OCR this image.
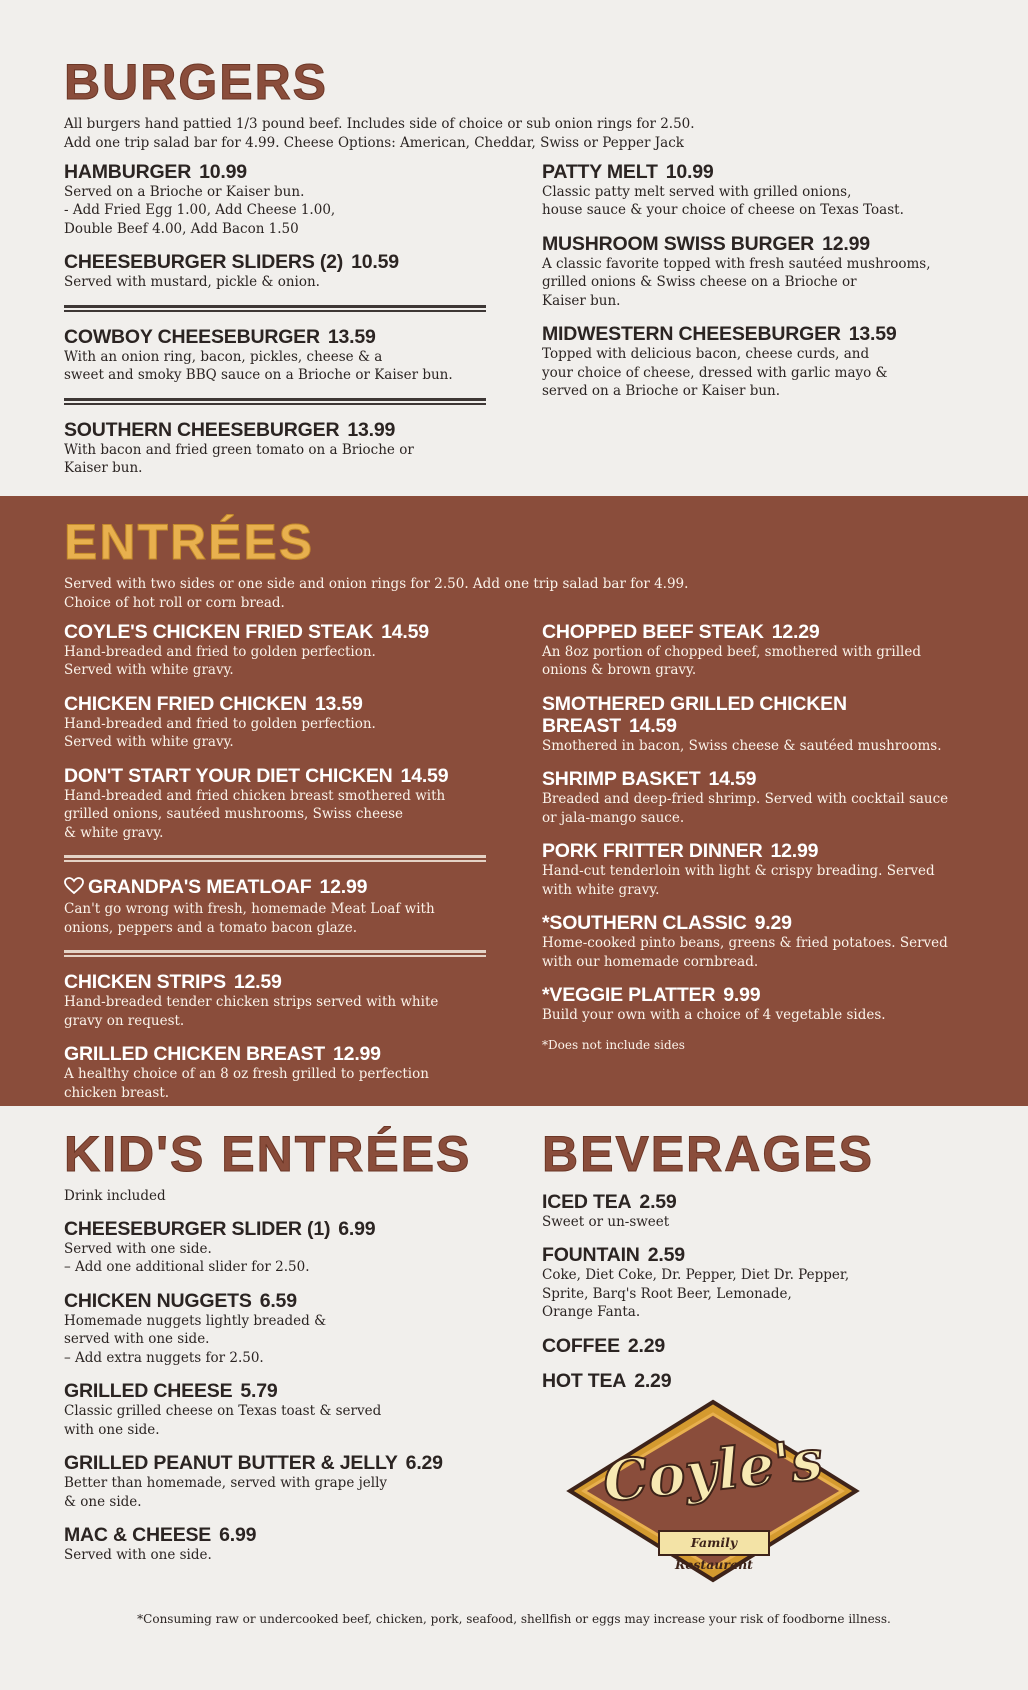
BURGERS
All burgers hand pattied 1/3 pound beef. Includes side of choice or sub onion rings for 2.50.
Add one trip salad bar for 4.99. Cheese Options: American, Cheddar, Swiss or Pepper Jack
HAMBURGER 10.99
Served on a Brioche or Kaiser bun.
- Add Fried Egg 1.00, Add Cheese 1.00,
Double Beef 4.00, Add Bacon 1.50
CHEESEBURGER SLIDERS (2) 10.59
Served with mustard, pickle & onion.
COWBOY CHEESEBURGER 13.59
With an onion ring, bacon, pickles, cheese & a
sweet and smoky BBQ sauce on a Brioche or Kaiser bun.
SOUTHERN CHEESEBURGER 13.99
With bacon and fried green tomato on a Brioche or
Kaiser bun.
PATTY MELT 10.99
Classic patty melt served with grilled onions,
house sauce & your choice of cheese on Texas Toast.
MUSHROOM SWISS BURGER 12.99
A classic favorite topped with fresh sautéed mushrooms,
grilled onions & Swiss cheese on a Brioche or
Kaiser bun.
MIDWESTERN CHEESEBURGER 13.59
Topped with delicious bacon, cheese curds, and
your choice of cheese, dressed with garlic mayo &
served on a Brioche or Kaiser bun.
ENTRÉES
Served with two sides or one side and onion rings for 2.50. Add one trip salad bar for 4.99.
Choice of hot roll or corn bread.
COYLE'S CHICKEN FRIED STEAK 14.59
Hand-breaded and fried to golden perfection.
Served with white gravy.
CHICKEN FRIED CHICKEN 13.59
Hand-breaded and fried to golden perfection.
Served with white gravy.
DON'T START YOUR DIET CHICKEN 14.59
Hand-breaded and fried chicken breast smothered with
grilled onions, sautéed mushrooms, Swiss cheese
& white gravy.
GRANDPA'S MEATLOAF 12.99
Can't go wrong with fresh, homemade Meat Loaf with
onions, peppers and a tomato bacon glaze.
CHICKEN STRIPS 12.59
Hand-breaded tender chicken strips served with white
gravy on request.
GRILLED CHICKEN BREAST 12.99
A healthy choice of an 8 oz fresh grilled to perfection
chicken breast.
CHOPPED BEEF STEAK 12.29
An 8oz portion of chopped beef, smothered with grilled
onions & brown gravy.
SMOTHERED GRILLED CHICKEN
BREAST 14.59
Smothered in bacon, Swiss cheese & sautéed mushrooms.
SHRIMP BASKET 14.59
Breaded and deep-fried shrimp. Served with cocktail sauce
or jala-mango sauce.
PORK FRITTER DINNER 12.99
Hand-cut tenderloin with light & crispy breading. Served
with white gravy.
*SOUTHERN CLASSIC 9.29
Home-cooked pinto beans, greens & fried potatoes. Served
with our homemade cornbread.
*VEGGIE PLATTER 9.99
Build your own with a choice of 4 vegetable sides.
*Does not include sides
KID'S ENTRÉES
Drink included
CHEESEBURGER SLIDER (1) 6.99
Served with one side.
– Add one additional slider for 2.50.
CHICKEN NUGGETS 6.59
Homemade nuggets lightly breaded &
served with one side.
– Add extra nuggets for 2.50.
GRILLED CHEESE 5.79
Classic grilled cheese on Texas toast & served
with one side.
GRILLED PEANUT BUTTER & JELLY 6.29
Better than homemade, served with grape jelly
& one side.
MAC & CHEESE 6.99
Served with one side.
BEVERAGES
ICED TEA 2.59
Sweet or un-sweet
FOUNTAIN 2.59
Coke, Diet Coke, Dr. Pepper, Diet Dr. Pepper,
Sprite, Barq's Root Beer, Lemonade,
Orange Fanta.
COFFEE 2.29
HOT TEA 2.29
Coyle's
Family Restaurant
*Consuming raw or undercooked beef, chicken, pork, seafood, shellfish or eggs may increase your risk of foodborne illness.
